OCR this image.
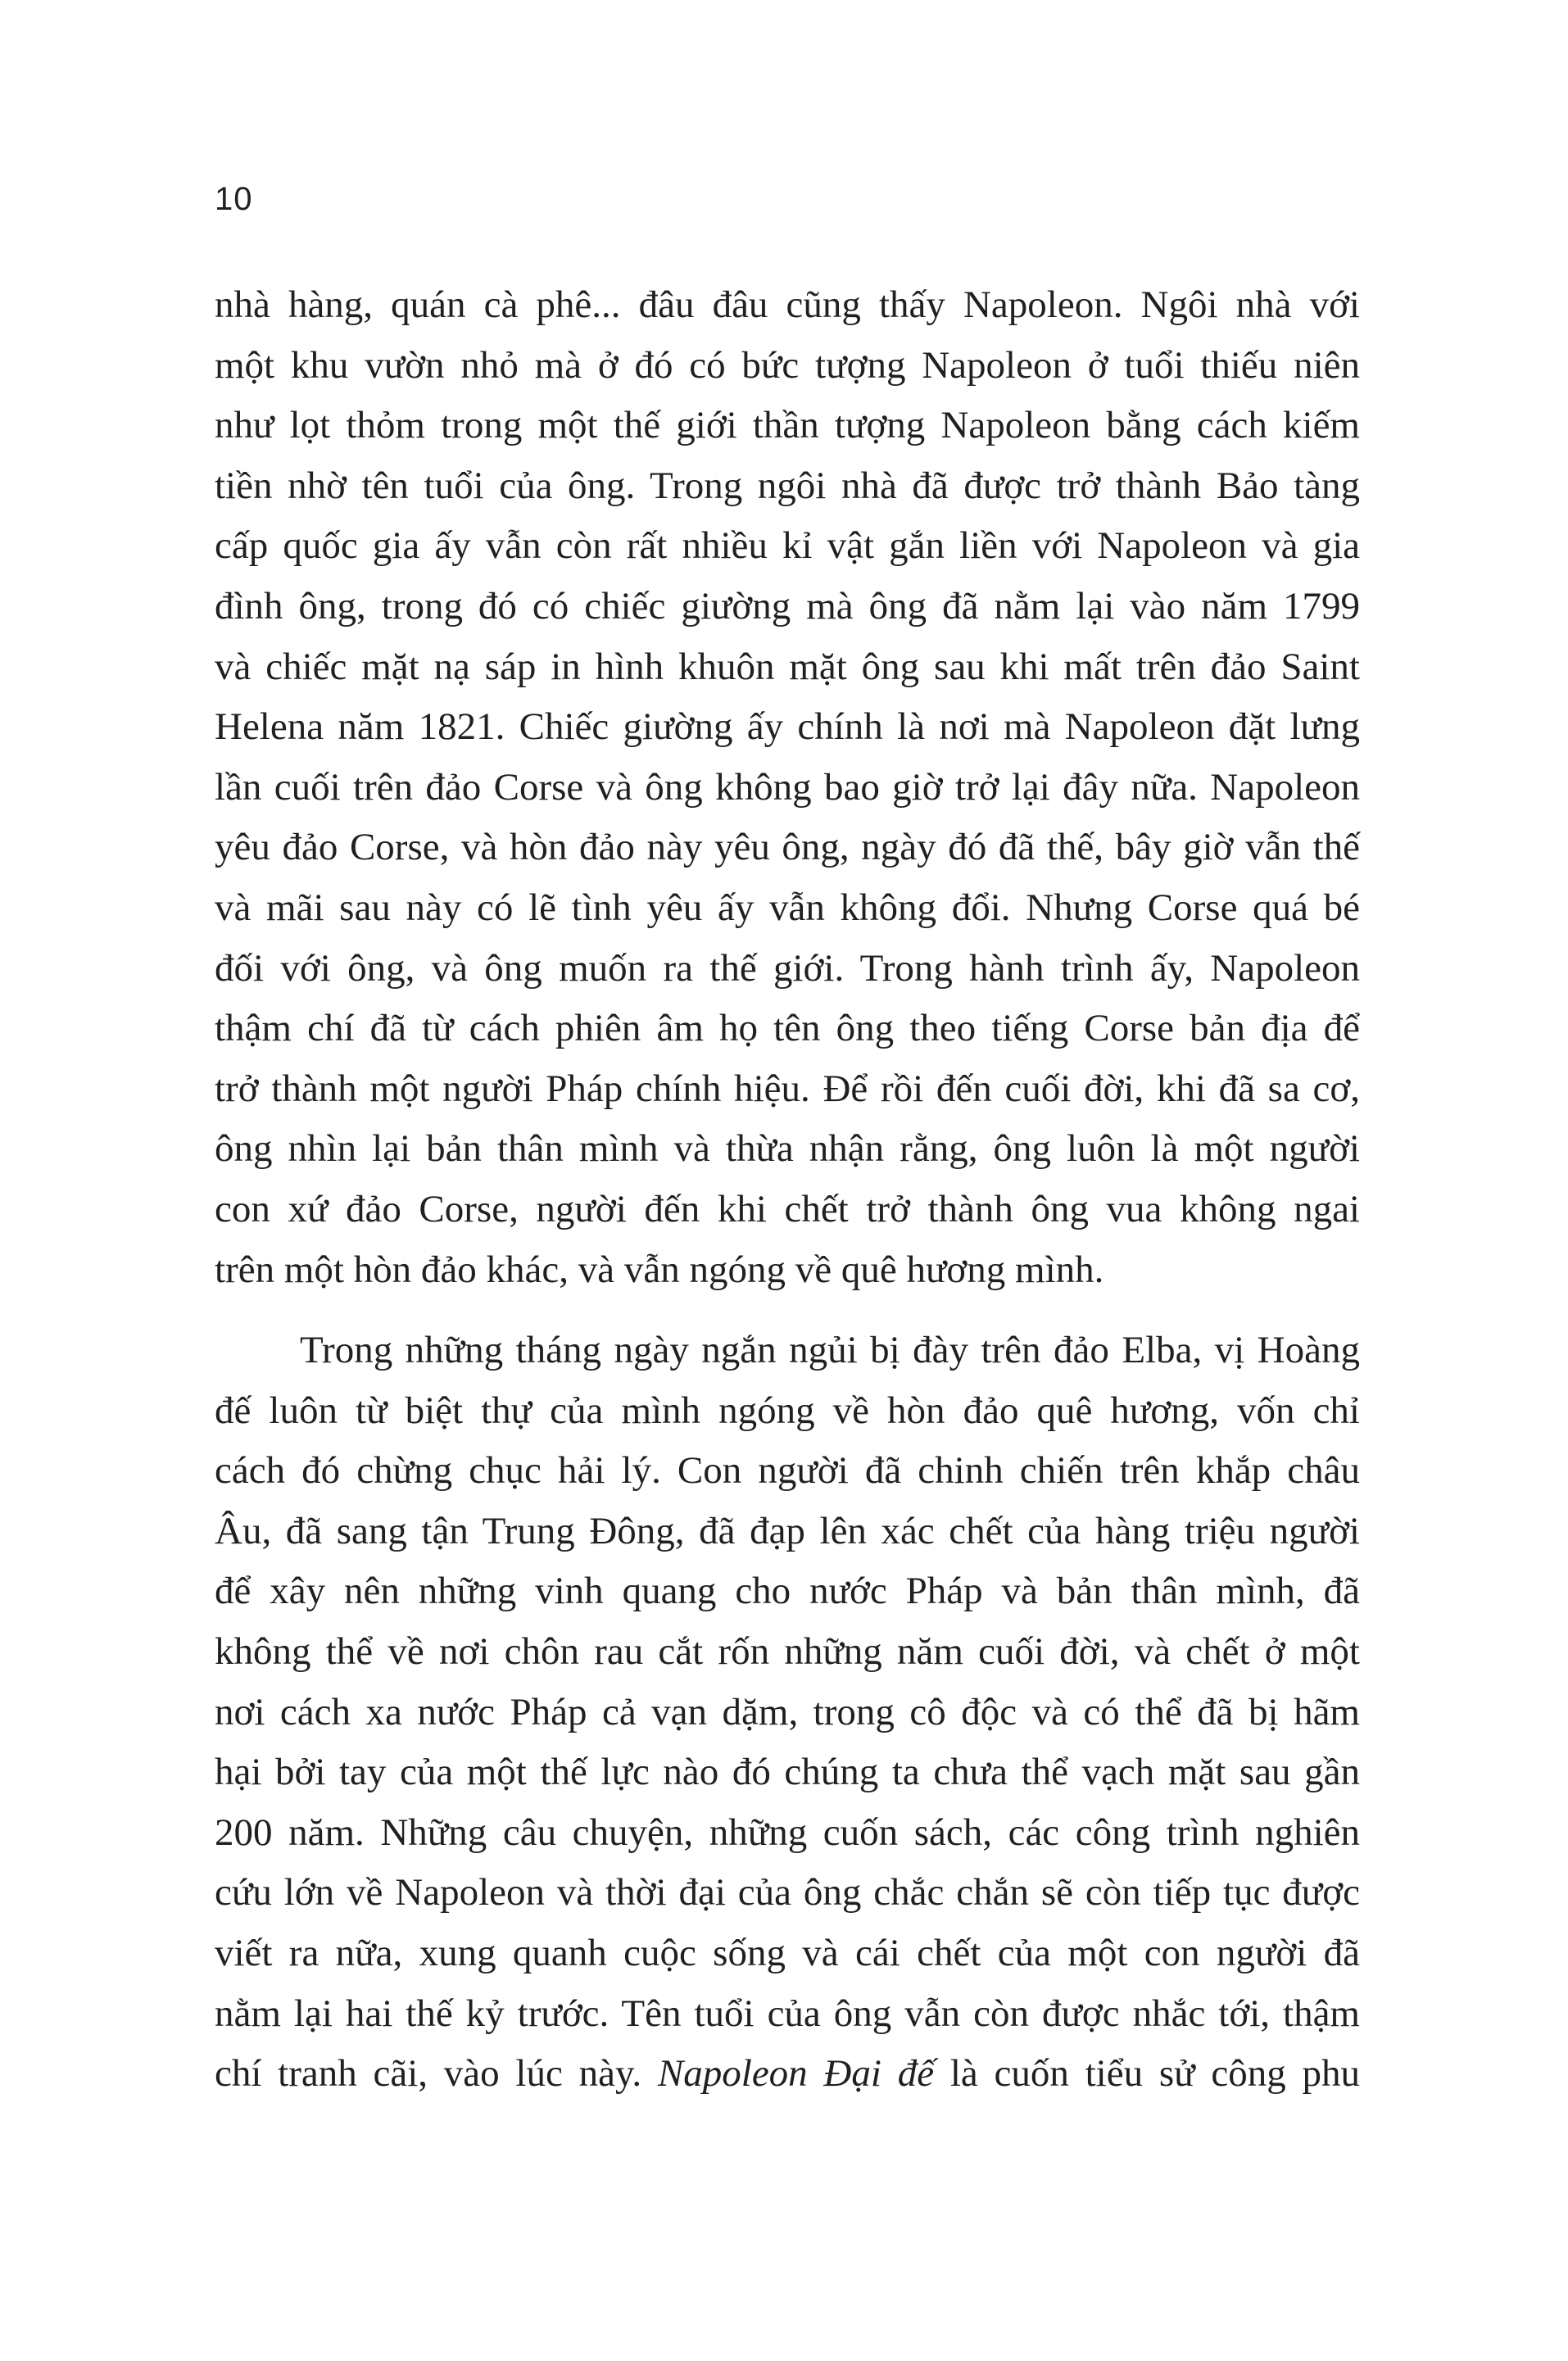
10
nhà hàng, quán cà phê... đâu đâu cũng thấy Napoleon. Ngôi nhà với
một khu vườn nhỏ mà ở đó có bức tượng Napoleon ở tuổi thiếu niên
như lọt thỏm trong một thế giới thần tượng Napoleon bằng cách kiếm
tiền nhờ tên tuổi của ông. Trong ngôi nhà đã được trở thành Bảo tàng
cấp quốc gia ấy vẫn còn rất nhiều kỉ vật gắn liền với Napoleon và gia
đình ông, trong đó có chiếc giường mà ông đã nằm lại vào năm 1799
và chiếc mặt nạ sáp in hình khuôn mặt ông sau khi mất trên đảo Saint
Helena năm 1821. Chiếc giường ấy chính là nơi mà Napoleon đặt lưng
lần cuối trên đảo Corse và ông không bao giờ trở lại đây nữa. Napoleon
yêu đảo Corse, và hòn đảo này yêu ông, ngày đó đã thế, bây giờ vẫn thế
và mãi sau này có lẽ tình yêu ấy vẫn không đổi. Nhưng Corse quá bé
đối với ông, và ông muốn ra thế giới. Trong hành trình ấy, Napoleon
thậm chí đã từ cách phiên âm họ tên ông theo tiếng Corse bản địa để
trở thành một người Pháp chính hiệu. Để rồi đến cuối đời, khi đã sa cơ,
ông nhìn lại bản thân mình và thừa nhận rằng, ông luôn là một người
con xứ đảo Corse, người đến khi chết trở thành ông vua không ngai
trên một hòn đảo khác, và vẫn ngóng về quê hương mình.
Trong những tháng ngày ngắn ngủi bị đày trên đảo Elba, vị Hoàng
đế luôn từ biệt thự của mình ngóng về hòn đảo quê hương, vốn chỉ
cách đó chừng chục hải lý. Con người đã chinh chiến trên khắp châu
Âu, đã sang tận Trung Đông, đã đạp lên xác chết của hàng triệu người
để xây nên những vinh quang cho nước Pháp và bản thân mình, đã
không thể về nơi chôn rau cắt rốn những năm cuối đời, và chết ở một
nơi cách xa nước Pháp cả vạn dặm, trong cô độc và có thể đã bị hãm
hại bởi tay của một thế lực nào đó chúng ta chưa thể vạch mặt sau gần
200 năm. Những câu chuyện, những cuốn sách, các công trình nghiên
cứu lớn về Napoleon và thời đại của ông chắc chắn sẽ còn tiếp tục được
viết ra nữa, xung quanh cuộc sống và cái chết của một con người đã
nằm lại hai thế kỷ trước. Tên tuổi của ông vẫn còn được nhắc tới, thậm
chí tranh cãi, vào lúc này. Napoleon Đại đế là cuốn tiểu sử công phu
